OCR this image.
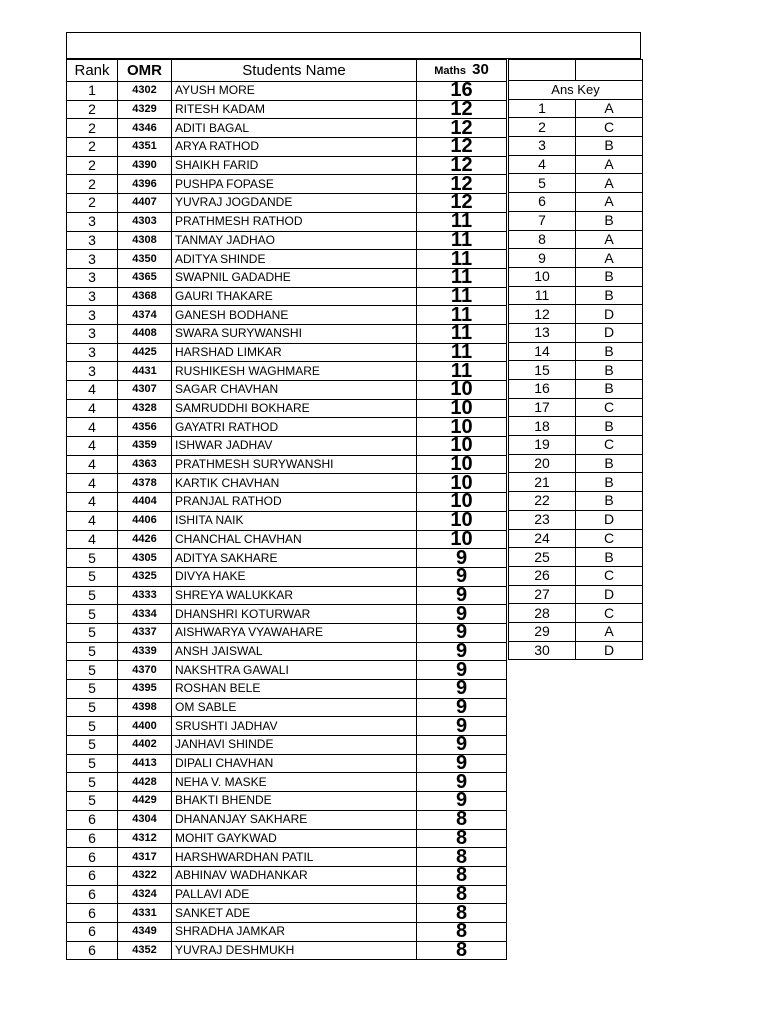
Rank	OMR	Students Name	Maths 30
1	4302	AYUSH MORE	16
2	4329	RITESH KADAM	12
2	4346	ADITI BAGAL	12
2	4351	ARYA RATHOD	12
2	4390	SHAIKH FARID	12
2	4396	PUSHPA FOPASE	12
2	4407	YUVRAJ JOGDANDE	12
3	4303	PRATHMESH RATHOD	11
3	4308	TANMAY JADHAO	11
3	4350	ADITYA SHINDE	11
3	4365	SWAPNIL GADADHE	11
3	4368	GAURI THAKARE	11
3	4374	GANESH BODHANE	11
3	4408	SWARA SURYWANSHI	11
3	4425	HARSHAD LIMKAR	11
3	4431	RUSHIKESH WAGHMARE	11
4	4307	SAGAR CHAVHAN	10
4	4328	SAMRUDDHI BOKHARE	10
4	4356	GAYATRI RATHOD	10
4	4359	ISHWAR JADHAV	10
4	4363	PRATHMESH SURYWANSHI	10
4	4378	KARTIK CHAVHAN	10
4	4404	PRANJAL RATHOD	10
4	4406	ISHITA NAIK	10
4	4426	CHANCHAL CHAVHAN	10
5	4305	ADITYA SAKHARE	9
5	4325	DIVYA HAKE	9
5	4333	SHREYA WALUKKAR	9
5	4334	DHANSHRI KOTURWAR	9
5	4337	AISHWARYA VYAWAHARE	9
5	4339	ANSH JAISWAL	9
5	4370	NAKSHTRA GAWALI	9
5	4395	ROSHAN BELE	9
5	4398	OM SABLE	9
5	4400	SRUSHTI JADHAV	9
5	4402	JANHAVI SHINDE	9
5	4413	DIPALI CHAVHAN	9
5	4428	NEHA V. MASKE	9
5	4429	BHAKTI BHENDE	9
6	4304	DHANANJAY SAKHARE	8
6	4312	MOHIT GAYKWAD	8
6	4317	HARSHWARDHAN PATIL	8
6	4322	ABHINAV WADHANKAR	8
6	4324	PALLAVI ADE	8
6	4331	SANKET ADE	8
6	4349	SHRADHA JAMKAR	8
6	4352	YUVRAJ DESHMUKH	8

Ans Key	
1	A
2	C
3	B
4	A
5	A
6	A
7	B
8	A
9	A
10	B
11	B
12	D
13	D
14	B
15	B
16	B
17	C
18	B
19	C
20	B
21	B
22	B
23	D
24	C
25	B
26	C
27	D
28	C
29	A
30	D
